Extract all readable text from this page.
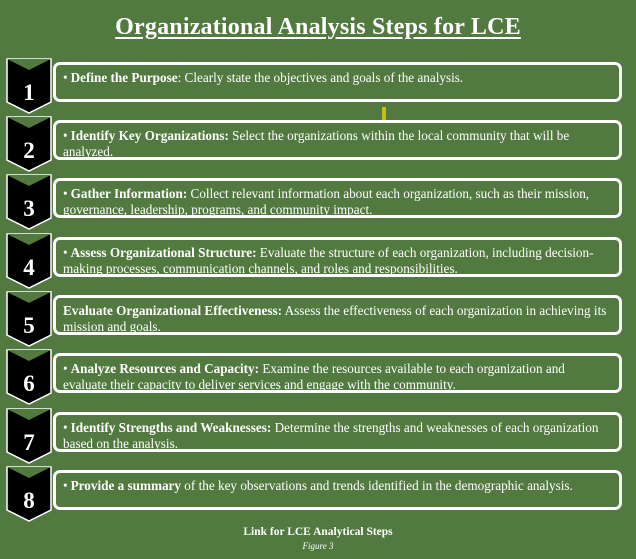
Organizational Analysis Steps for LCE
1
• Define the Purpose: Clearly state the objectives and goals of the analysis.
2
• Identify Key Organizations: Select the organizations within the local community that will be analyzed.
3
• Gather Information: Collect relevant information about each organization, such as their mission, governance, leadership, programs, and community impact.
4
• Assess Organizational Structure: Evaluate the structure of each organization, including decision-making processes, communication channels, and roles and responsibilities.
5
Evaluate Organizational Effectiveness: Assess the effectiveness of each organization in achieving its mission and goals.
6
• Analyze Resources and Capacity: Examine the resources available to each organization and evaluate their capacity to deliver services and engage with the community.
7
• Identify Strengths and Weaknesses: Determine the strengths and weaknesses of each organization based on the analysis.
8
• Provide a summary of the key observations and trends identified in the demographic analysis.
Link for LCE Analytical Steps
Figure 3
